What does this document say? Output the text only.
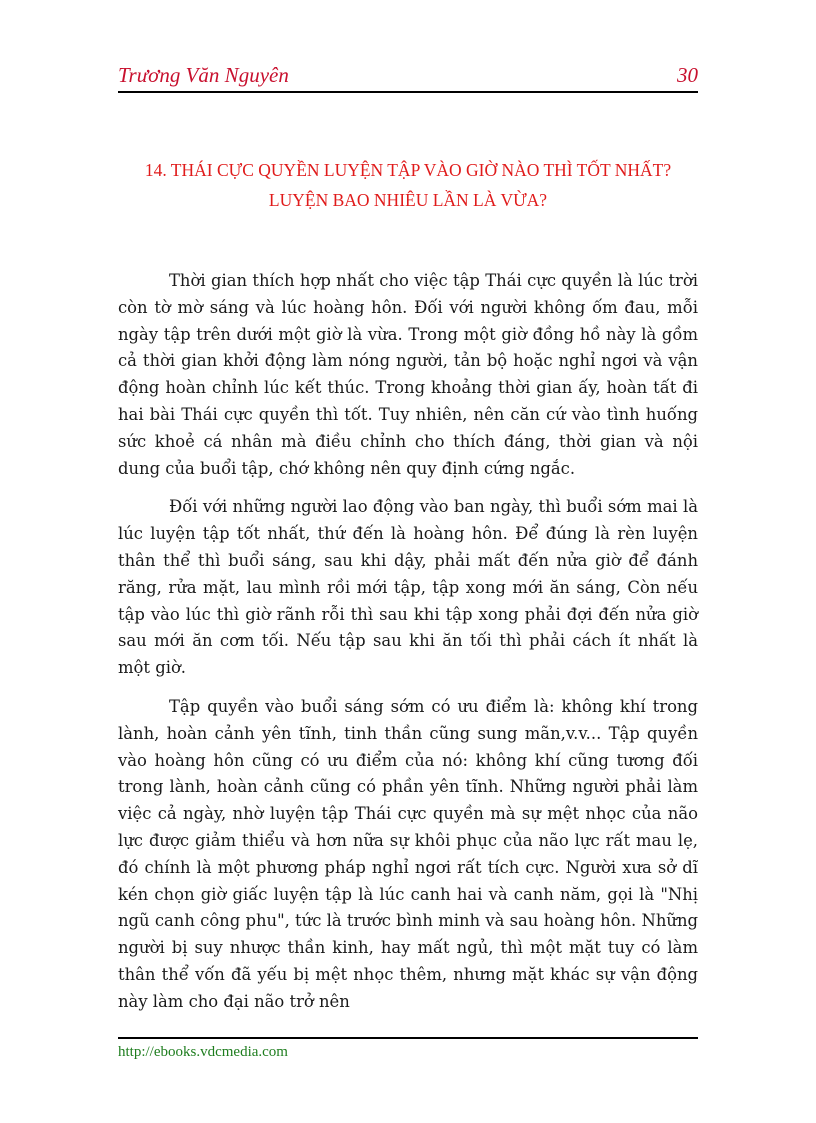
Trương Văn Nguyên	30
14. THÁI CỰC QUYỀN LUYỆN TẬP VÀO GIỜ NÀO THÌ TỐT NHẤT?
LUYỆN BAO NHIÊU LẦN LÀ VỪA?

Thời gian thích hợp nhất cho việc tập Thái cực quyền là lúc trời còn tờ mờ sáng và lúc hoàng hôn. Đối với người không ốm đau, mỗi ngày tập trên dưới một giờ là vừa. Trong một giờ đồng hồ này là gồm cả thời gian khởi động làm nóng người, tản bộ hoặc nghỉ ngơi và vận động hoàn chỉnh lúc kết thúc. Trong khoảng thời gian ấy, hoàn tất đi hai bài Thái cực quyền thì tốt. Tuy nhiên, nên căn cứ vào tình huống sức khoẻ cá nhân mà điều chỉnh cho thích đáng, thời gian và nội dung của buổi tập, chớ không nên quy định cứng ngắc.

Đối với những người lao động vào ban ngày, thì buổi sớm mai là lúc luyện tập tốt nhất, thứ đến là hoàng hôn. Để đúng là rèn luyện thân thể thì buổi sáng, sau khi dậy, phải mất đến nửa giờ để đánh răng, rửa mặt, lau mình rồi mới tập, tập xong mới ăn sáng, Còn nếu tập vào lúc thì giờ rãnh rỗi thì sau khi tập xong phải đợi đến nửa giờ sau mới ăn cơm tối. Nếu tập sau khi ăn tối thì phải cách ít nhất là một giờ.

Tập quyền vào buổi sáng sớm có ưu điểm là: không khí trong lành, hoàn cảnh yên tĩnh, tinh thần cũng sung mãn,v.v... Tập quyền vào hoàng hôn cũng có ưu điểm của nó: không khí cũng tương đối trong lành, hoàn cảnh cũng có phần yên tĩnh. Những người phải làm việc cả ngày, nhờ luyện tập Thái cực quyền mà sự mệt nhọc của não lực được giảm thiểu và hơn nữa sự khôi phục của não lực rất mau lẹ, đó chính là một phương pháp nghỉ ngơi rất tích cực. Người xưa sở dĩ kén chọn giờ giấc luyện tập là lúc canh hai và canh năm, gọi là "Nhị ngũ canh công phu", tức là trước bình minh và sau hoàng hôn. Những người bị suy nhược thần kinh, hay mất ngủ, thì một mặt tuy có làm thân thể vốn đã yếu bị mệt nhọc thêm, nhưng mặt khác sự vận động này làm cho đại não trở nên

http://ebooks.vdcmedia.com
